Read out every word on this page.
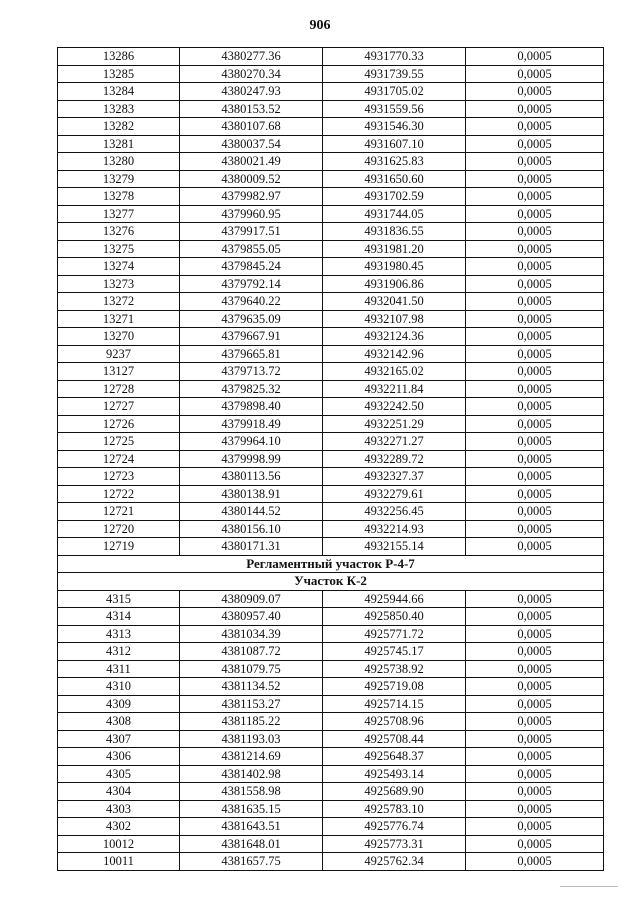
906
13286	4380277.36	4931770.33	0,0005
13285	4380270.34	4931739.55	0,0005
13284	4380247.93	4931705.02	0,0005
13283	4380153.52	4931559.56	0,0005
13282	4380107.68	4931546.30	0,0005
13281	4380037.54	4931607.10	0,0005
13280	4380021.49	4931625.83	0,0005
13279	4380009.52	4931650.60	0,0005
13278	4379982.97	4931702.59	0,0005
13277	4379960.95	4931744.05	0,0005
13276	4379917.51	4931836.55	0,0005
13275	4379855.05	4931981.20	0,0005
13274	4379845.24	4931980.45	0,0005
13273	4379792.14	4931906.86	0,0005
13272	4379640.22	4932041.50	0,0005
13271	4379635.09	4932107.98	0,0005
13270	4379667.91	4932124.36	0,0005
9237	4379665.81	4932142.96	0,0005
13127	4379713.72	4932165.02	0,0005
12728	4379825.32	4932211.84	0,0005
12727	4379898.40	4932242.50	0,0005
12726	4379918.49	4932251.29	0,0005
12725	4379964.10	4932271.27	0,0005
12724	4379998.99	4932289.72	0,0005
12723	4380113.56	4932327.37	0,0005
12722	4380138.91	4932279.61	0,0005
12721	4380144.52	4932256.45	0,0005
12720	4380156.10	4932214.93	0,0005
12719	4380171.31	4932155.14	0,0005
Регламентный участок Р-4-7			
Участок К-2			
4315	4380909.07	4925944.66	0,0005
4314	4380957.40	4925850.40	0,0005
4313	4381034.39	4925771.72	0,0005
4312	4381087.72	4925745.17	0,0005
4311	4381079.75	4925738.92	0,0005
4310	4381134.52	4925719.08	0,0005
4309	4381153.27	4925714.15	0,0005
4308	4381185.22	4925708.96	0,0005
4307	4381193.03	4925708.44	0,0005
4306	4381214.69	4925648.37	0,0005
4305	4381402.98	4925493.14	0,0005
4304	4381558.98	4925689.90	0,0005
4303	4381635.15	4925783.10	0,0005
4302	4381643.51	4925776.74	0,0005
10012	4381648.01	4925773.31	0,0005
10011	4381657.75	4925762.34	0,0005
